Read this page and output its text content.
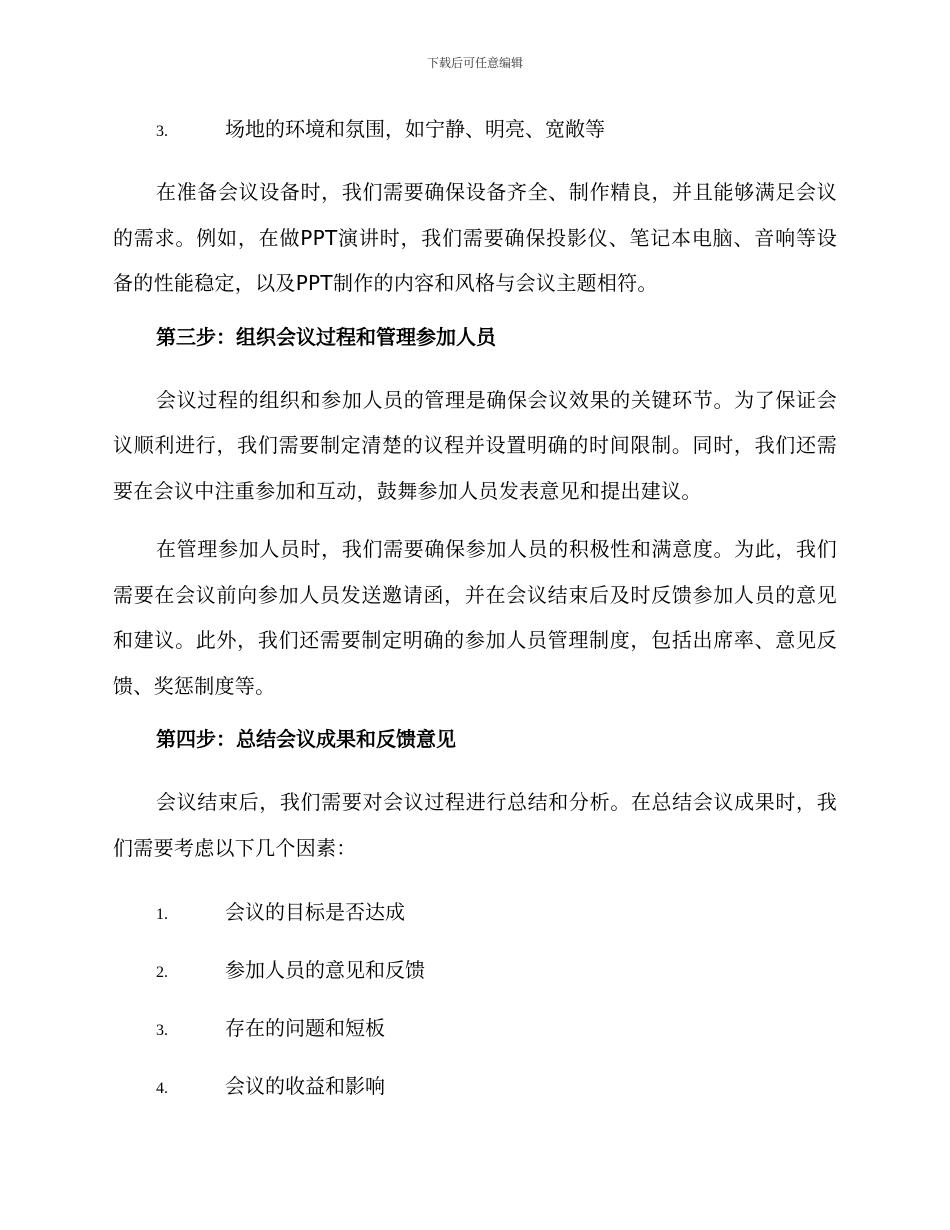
下载后可任意编辑
3.	场地的环境和氛围，如宁静、明亮、宽敞等

在准备会议设备时，我们需要确保设备齐全、制作精良，并且能够满足会议的需求。例如，在做PPT演讲时，我们需要确保投影仪、笔记本电脑、音响等设备的性能稳定，以及PPT制作的内容和风格与会议主题相符。

第三步：组织会议过程和管理参加人员

会议过程的组织和参加人员的管理是确保会议效果的关键环节。为了保证会议顺利进行，我们需要制定清楚的议程并设置明确的时间限制。同时，我们还需要在会议中注重参加和互动，鼓舞参加人员发表意见和提出建议。

在管理参加人员时，我们需要确保参加人员的积极性和满意度。为此，我们需要在会议前向参加人员发送邀请函，并在会议结束后及时反馈参加人员的意见和建议。此外，我们还需要制定明确的参加人员管理制度，包括出席率、意见反馈、奖惩制度等。

第四步：总结会议成果和反馈意见

会议结束后，我们需要对会议过程进行总结和分析。在总结会议成果时，我们需要考虑以下几个因素：

1.	会议的目标是否达成
2.	参加人员的意见和反馈
3.	存在的问题和短板
4.	会议的收益和影响
